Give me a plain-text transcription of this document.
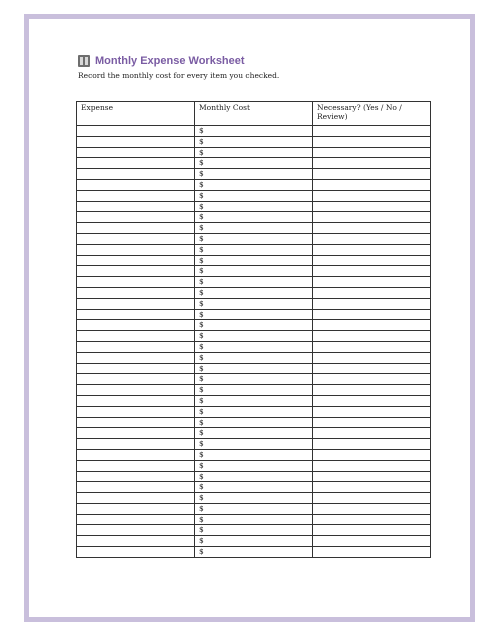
Monthly Expense Worksheet
Record the monthly cost for every item you checked.
Expense	Monthly Cost	Necessary? (Yes / No / Review)
	$	
	$	
	$	
	$	
	$	
	$	
	$	
	$	
	$	
	$	
	$	
	$	
	$	
	$	
	$	
	$	
	$	
	$	
	$	
	$	
	$	
	$	
	$	
	$	
	$	
	$	
	$	
	$	
	$	
	$	
	$	
	$	
	$	
	$	
	$	
	$	
	$	
	$	
	$	
	$	
